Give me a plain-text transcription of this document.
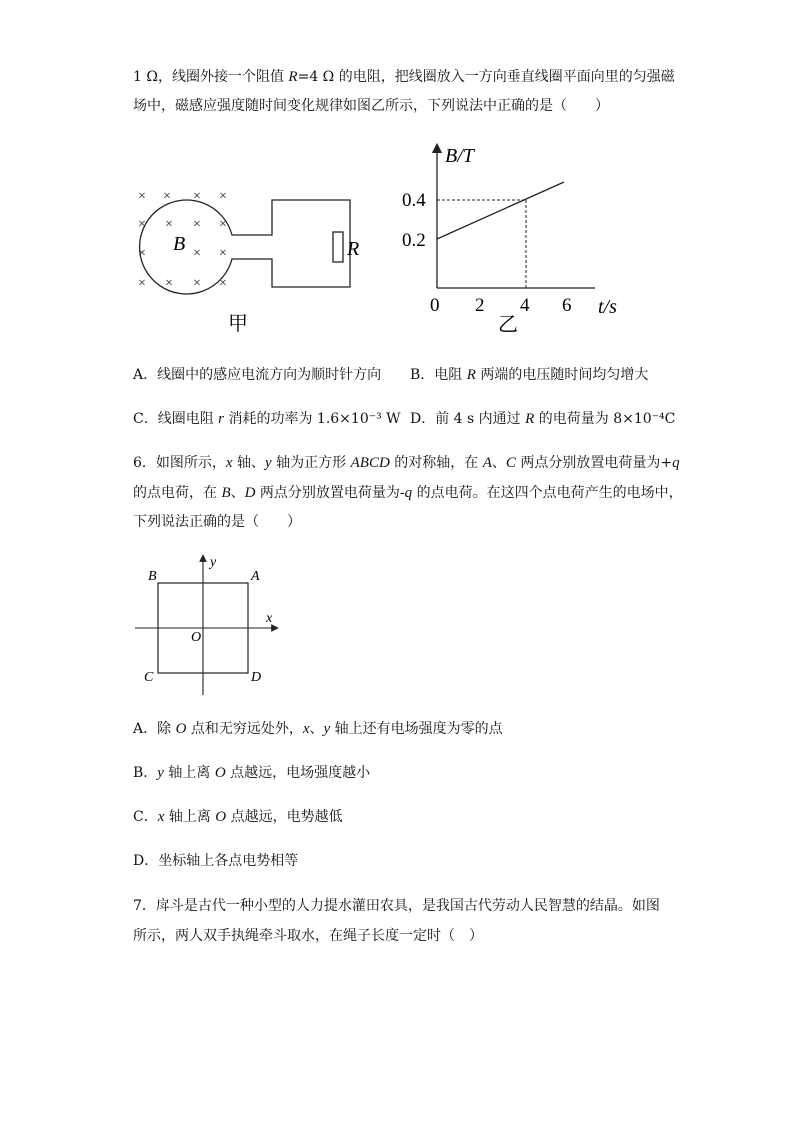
1 Ω，线圈外接一个阻值 R=4 Ω 的电阻，把线圈放入一方向垂直线圈平面向里的匀强磁
场中，磁感应强度随时间变化规律如图乙所示，下列说法中正确的是（　　）
× × × ×
× × × ×
×	× ×
× × × ×
B	R
甲
B/T
0.4
0.2
0 2 4 6 t/s
乙
A．线圈中的感应电流方向为顺时针方向 B．电阻 R 两端的电压随时间均匀增大
C．线圈电阻 r 消耗的功率为 1.6×10⁻³ W D．前 4 s 内通过 R 的电荷量为 8×10⁻⁴C
6．如图所示，x 轴、y 轴为正方形 ABCD 的对称轴，在 A、C 两点分别放置电荷量为+q
的点电荷，在 B、D 两点分别放置电荷量为-q 的点电荷。在这四个点电荷产生的电场中，
下列说法正确的是（　　）
B	A
C	D
O
x
y
A．除 O 点和无穷远处外，x、y 轴上还有电场强度为零的点
B．y 轴上离 O 点越远，电场强度越小
C．x 轴上离 O 点越远，电势越低
D．坐标轴上各点电势相等
7．戽斗是古代一种小型的人力提水灌田农具，是我国古代劳动人民智慧的结晶。如图
所示，两人双手执绳牵斗取水，在绳子长度一定时（　）
